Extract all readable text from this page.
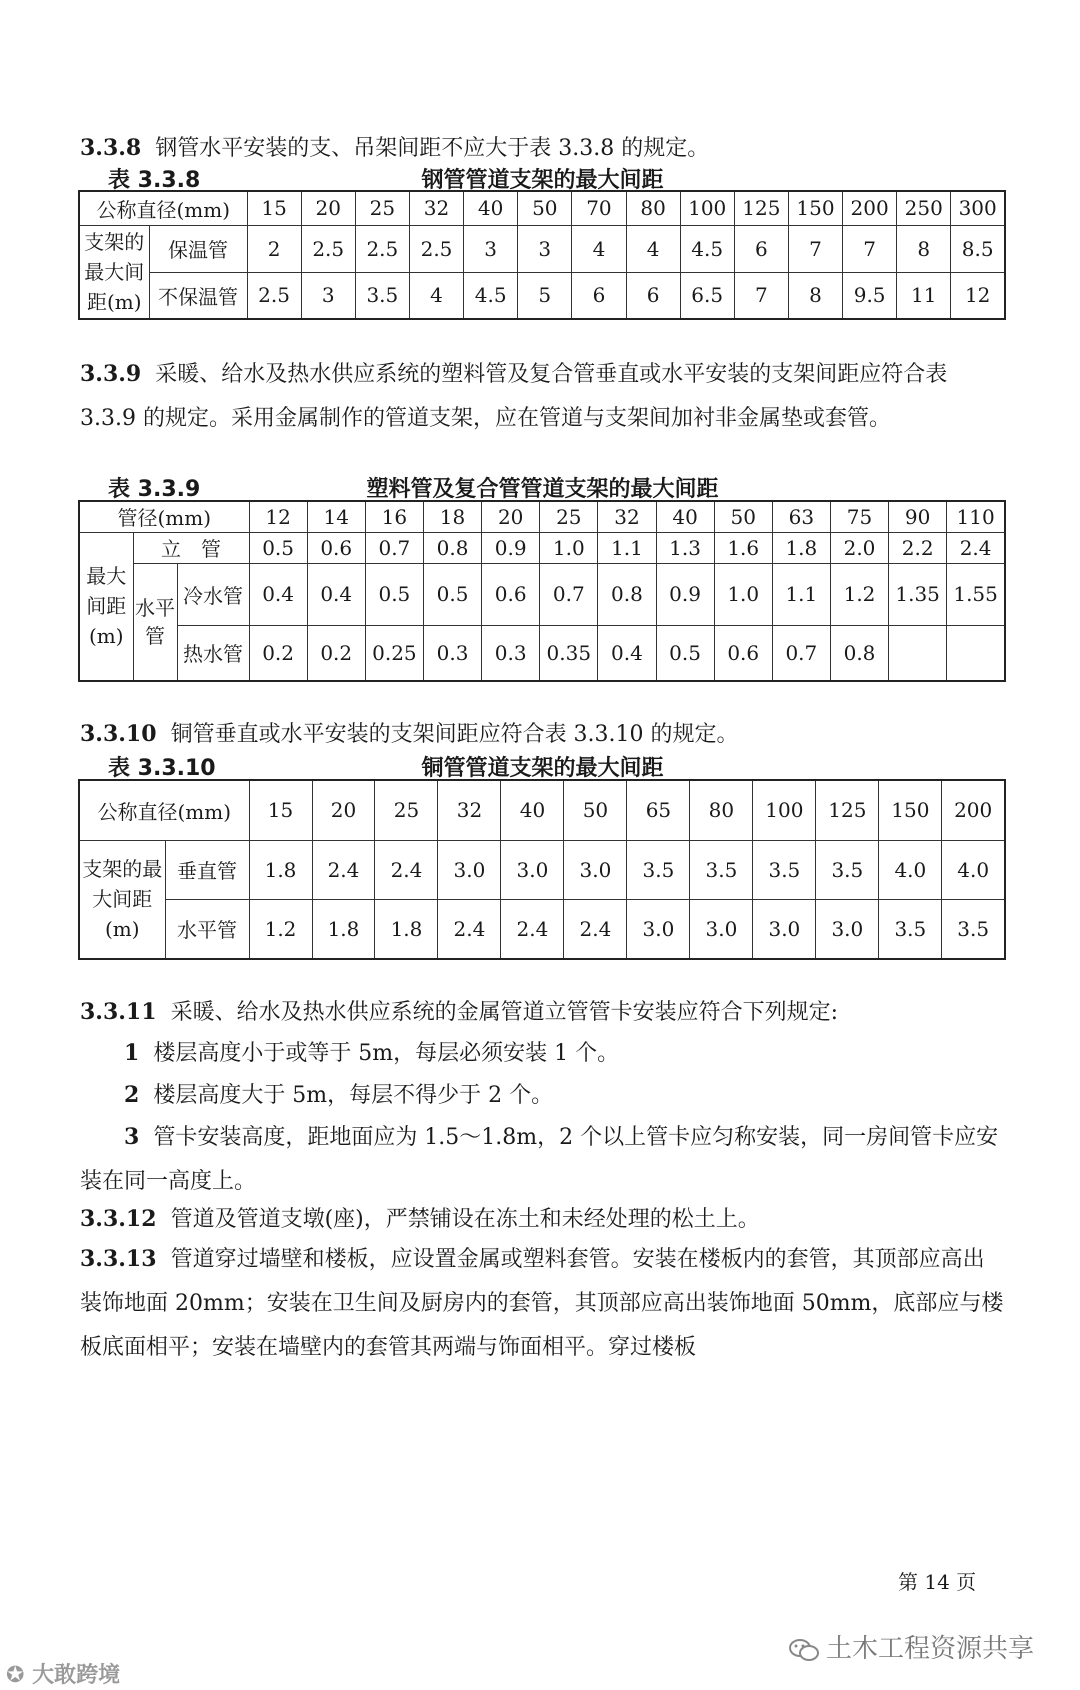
3.3.8 钢管水平安装的支、吊架间距不应大于表 3.3.8 的规定。
表 3.3.8	钢管管道支架的最大间距
公称直径(mm)		15	20	25	32	40	50	70	80	100	125	150	200	250	300
支架的最大间距(m)	保温管	2	2.5	2.5	2.5	3	3	4	4	4.5	6	7	7	8	8.5
	不保温管	2.5	3	3.5	4	4.5	5	6	6	6.5	7	8	9.5	11	12
3.3.9 采暖、给水及热水供应系统的塑料管及复合管垂直或水平安装的支架间距应符合表 3.3.9 的规定。采用金属制作的管道支架，应在管道与支架间加衬非金属垫或套管。
表 3.3.9	塑料管及复合管管道支架的最大间距
管径(mm)			12	14	16	18	20	25	32	40	50	63	75	90	110
最大间距(m)	立　管		0.5	0.6	0.7	0.8	0.9	1.0	1.1	1.3	1.6	1.8	2.0	2.2	2.4
	水平管	冷水管	0.4	0.4	0.5	0.5	0.6	0.7	0.8	0.9	1.0	1.1	1.2	1.35	1.55
		热水管	0.2	0.2	0.25	0.3	0.3	0.35	0.4	0.5	0.6	0.7	0.8		
3.3.10 铜管垂直或水平安装的支架间距应符合表 3.3.10 的规定。
表 3.3.10	铜管管道支架的最大间距
公称直径(mm)		15	20	25	32	40	50	65	80	100	125	150	200
支架的最大间距(m)	垂直管	1.8	2.4	2.4	3.0	3.0	3.0	3.5	3.5	3.5	3.5	4.0	4.0
	水平管	1.2	1.8	1.8	2.4	2.4	2.4	3.0	3.0	3.0	3.0	3.5	3.5
3.3.11 采暖、给水及热水供应系统的金属管道立管管卡安装应符合下列规定:
1 楼层高度小于或等于 5m，每层必须安装 1 个。
2 楼层高度大于 5m，每层不得少于 2 个。
3 管卡安装高度，距地面应为 1.5～1.8m，2 个以上管卡应匀称安装，同一房间管卡应安装在同一高度上。
3.3.12 管道及管道支墩(座)，严禁铺设在冻土和未经处理的松土上。
3.3.13 管道穿过墙壁和楼板，应设置金属或塑料套管。安装在楼板内的套管，其顶部应高出装饰地面 20mm；安装在卫生间及厨房内的套管，其顶部应高出装饰地面 50mm，底部应与楼板底面相平；安装在墙壁内的套管其两端与饰面相平。穿过楼板
第 14 页
土木工程资源共享
✪ 大敢跨境
